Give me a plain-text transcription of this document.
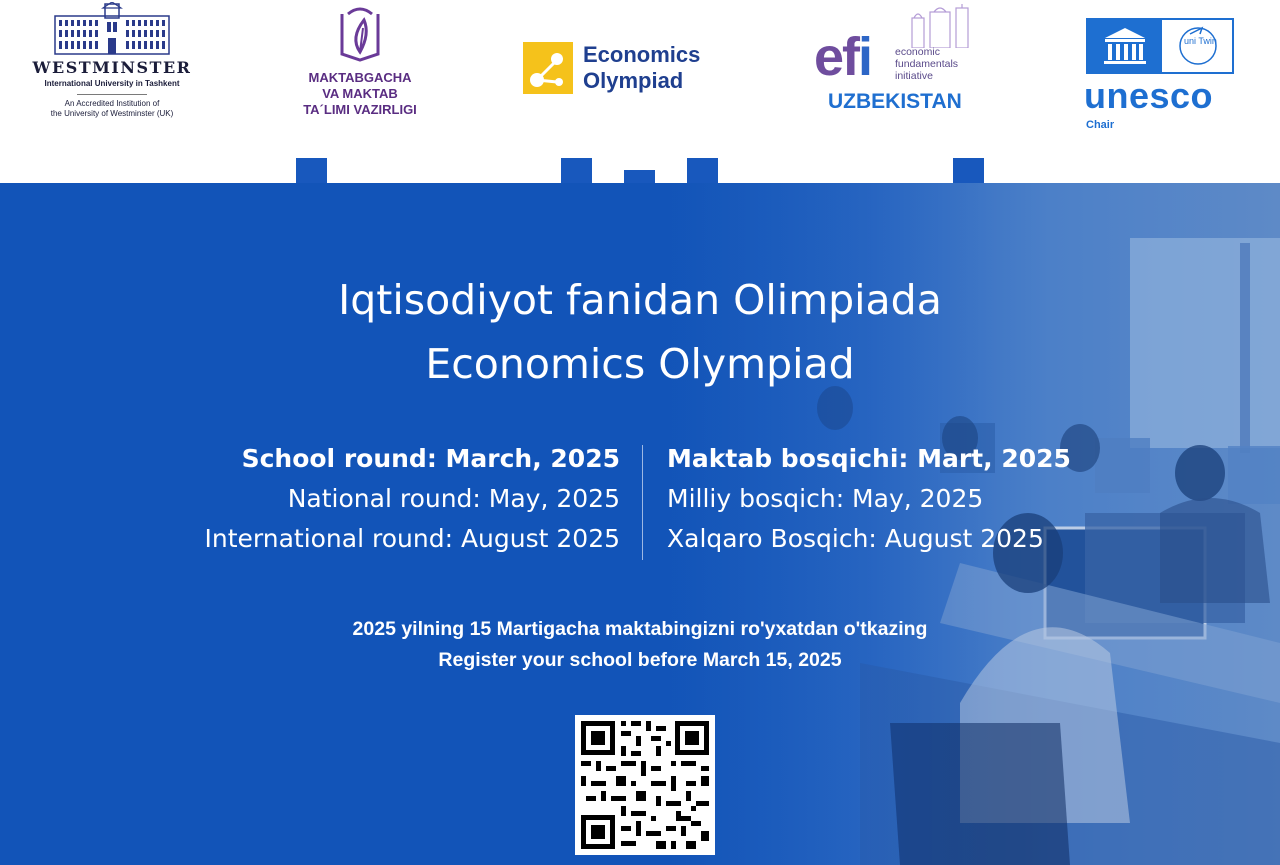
WESTMINSTER
International University in Tashkent
An Accredited Institution of
the University of Westminster (UK)
MAKTABGACHA
VA MAKTAB
TA´LIMI VAZIRLIGI
Economics
Olympiad	efi economic
fundamentals
initiative
UZBEKISTAN
uni Twin
unesco
Chair
Iqtisodiyot fanidan Olimpiada
Economics Olympiad
School round: March, 2025
National round: May, 2025
International round: August 2025
Maktab bosqichi: Mart, 2025
Milliy bosqich: May, 2025
Xalqaro Bosqich: August 2025
2025 yilning 15 Martigacha maktabingizni ro'yxatdan o'tkazing
Register your school before March 15, 2025
